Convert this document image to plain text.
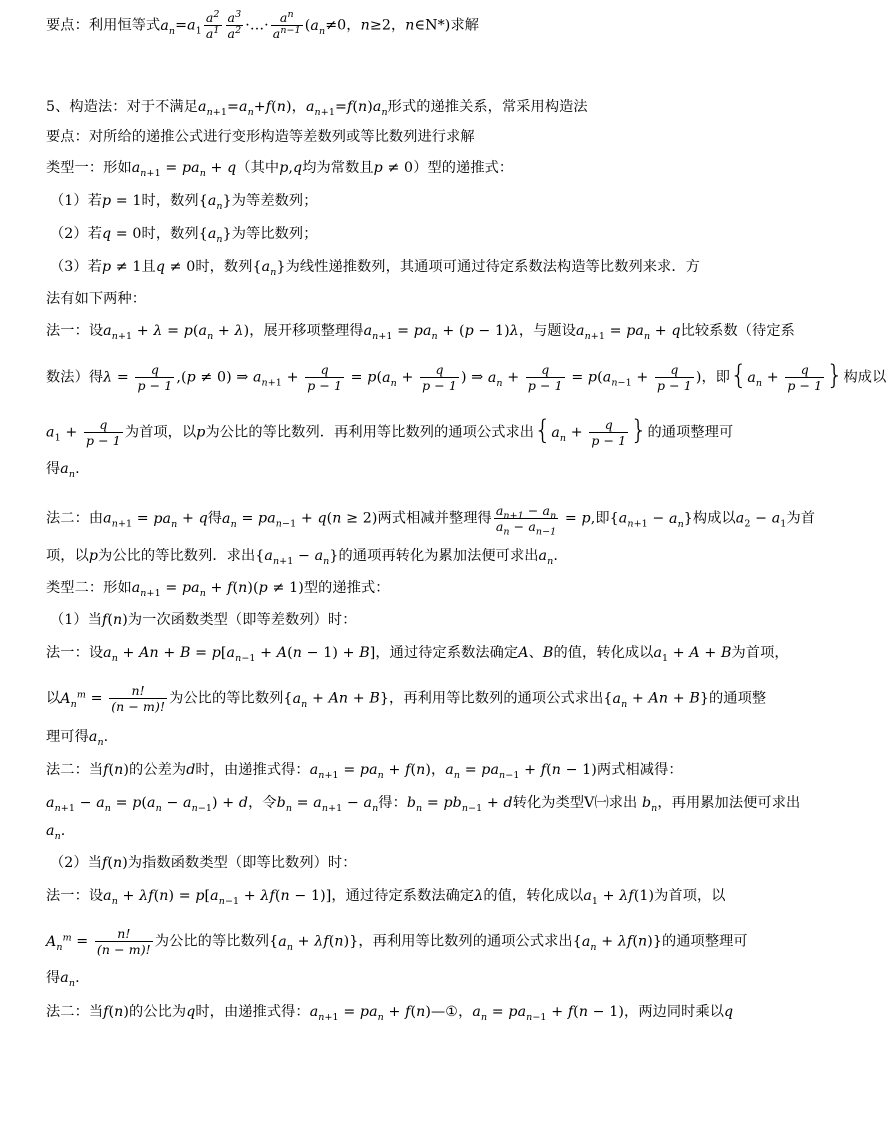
要点：利用恒等式$a_n=a_1 \frac{a^2}{a^1} \frac{a^3}{a^2}$ ·…· $\frac{a^n}{a^{n-1}} (a_n\ne 0$，n≥2，n∈N*)求解
5、构造法：对于不满足$a_{n+1}=a_n+f(n)$，$a_{n+1}=f(n)a_n$形式的递推关系，常采用构造法
要点：对所给的递推公式进行变形构造等差数列或等比数列进行求解
类型一：形如$a_{n+1} = pa_n + q$（其中p,q均为常数且p ≠ 0）型的递推式：
（1）若p = 1时，数列$\{a_n\}$为等差数列；
（2）若q = 0时，数列$\{a_n\}$为等比数列；
（3）若p ≠ 1且q ≠ 0时，数列$\{a_n\}$为线性递推数列，其通项可通过待定系数法构造等比数列来求．方
法有如下两种：
法一：设$a_{n+1} + \lambda = p(a_n + \lambda)$，展开移项整理得$a_{n+1} = pa_n + (p - 1)\lambda$，与题设$a_{n+1} = pa_n + q$比较系数（待定系
数法）得$\lambda = \frac{q}{p - 1} ,(p \ne 0)$ ⇒ $a_{n+1} + \frac{q}{p - 1} = p(a_n + \frac{q}{p - 1}$ ) ⇒ $a_n + \frac{q}{p - 1} = p(a_{n-1} + \frac{q}{p - 1}$ )，即{$a_n + \frac{q}{p - 1}$ }构成以
$a_1 + \frac{q}{p - 1}$ 为首项，以p为公比的等比数列．再利用等比数列的通项公式求出{$a_n + \frac{q}{p - 1}$ }的通项整理可
得$a_n$.
法二：由$a_{n+1} = pa_n + q$得$a_n = pa_{n-1} + q(n \ge 2)$两式相减并整理得 $\frac{a_{n+1} - a_n}{a_n - a_{n-1}} = p$,即$\{a_{n+1} - a_n\}$构成以$a_2 - a_1$为首
项，以p为公比的等比数列．求出$\{a_{n+1} - a_n\}$的通项再转化为累加法便可求出$a_n$.
类型二：形如$a_{n+1} = pa_n + f(n)(p \ne 1)$型的递推式：
（1）当f(n)为一次函数类型（即等差数列）时：
法一：设$a_n + An + B = p[a_{n-1} + A(n - 1) + B]$，通过待定系数法确定A、B的值，转化成以$a_1 + A + B$为首项，
以$A_n^m = \frac{n!}{(n - m)!}$ 为公比的等比数列$\{a_n + An + B\}$，再利用等比数列的通项公式求出$\{a_n + An + B\}$的通项整
理可得$a_n$.
法二：当f(n)的公差为d时，由递推式得：$a_{n+1} = pa_n + f(n)$，$a_n = pa_{n-1} + f(n - 1)$两式相减得：
$a_{n+1} - a_n = p(a_n - a_{n-1}) + d$，令$b_n = a_{n+1} - a_n$得：$b_n = pb_{n-1} + d$转化为类型Ⅴ㈠求出 $b_n$，再用累加法便可求出
$a_n$.
（2）当f(n)为指数函数类型（即等比数列）时：
法一：设$a_n + \lambda f(n) = p[a_{n-1} + \lambda f(n - 1)]$，通过待定系数法确定λ的值，转化成以$a_1 + \lambda f(1)$为首项，以
$A_n^m = \frac{n!}{(n - m)!}$ 为公比的等比数列$\{a_n + \lambda f(n)\}$，再利用等比数列的通项公式求出$\{a_n + \lambda f(n)\}$的通项整理可
得$a_n$.
法二：当f(n)的公比为q时，由递推式得：$a_{n+1} = pa_n$ + f(n)—①，$a_n = pa_{n-1} + f(n - 1)$，两边同时乘以q
